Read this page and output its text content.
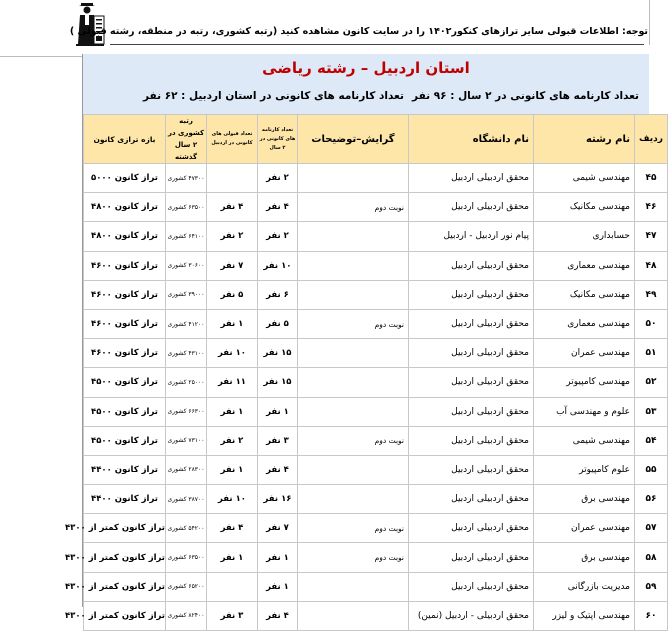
توجه: اطلاعات قبولی سایر ترازهای کنکور۱۴۰۲ را در سایت کانون مشاهده کنید (رتبه کشوری، رتبه در منطقه، رشته قبولی )
استان اردبیل – رشته ریاضی
تعداد کارنامه های کانونی در ۲ سال : ۹۶ نفر
تعداد کارنامه های کانونی در استان اردبیل : ۶۲ نفر
ردیف	نام رشته	نام دانشگاه	گرایش–توضیحات	تعداد کارنامه های کانونی در ۲ سال	تعداد قبولی های کانونی در اردبیل	رتبه کشوری در ۲ سال گذشته	بازه ترازی کانون
۴۵	مهندسی شیمی	محقق اردبیلی اردبیل		۲ نفر		۴۷۳۰۰ کشوری	تراز کانون ۵۰۰۰
۴۶	مهندسی مکانیک	محقق اردبیلی اردبیل	نوبت دوم	۴ نفر	۴ نفر	۶۳۵۰۰ کشوری	تراز کانون ۴۸۰۰
۴۷	حسابداری	پیام نور اردبیل - اردبیل		۲ نفر	۲ نفر	۶۴۱۰۰ کشوری	تراز کانون ۴۸۰۰
۴۸	مهندسی معماری	محقق اردبیلی اردبیل		۱۰ نفر	۷ نفر	۳۰۶۰۰ کشوری	تراز کانون ۴۶۰۰
۴۹	مهندسی مکانیک	محقق اردبیلی اردبیل		۶ نفر	۵ نفر	۳۹۰۰۰ کشوری	تراز کانون ۴۶۰۰
۵۰	مهندسی معماری	محقق اردبیلی اردبیل	نوبت دوم	۵ نفر	۱ نفر	۴۱۲۰۰ کشوری	تراز کانون ۴۶۰۰
۵۱	مهندسی عمران	محقق اردبیلی اردبیل		۱۵ نفر	۱۰ نفر	۴۳۱۰۰ کشوری	تراز کانون ۴۶۰۰
۵۲	مهندسی کامپیوتر	محقق اردبیلی اردبیل		۱۵ نفر	۱۱ نفر	۲۵۰۰۰ کشوری	تراز کانون ۴۵۰۰
۵۳	علوم و مهندسی آب	محقق اردبیلی اردبیل		۱ نفر	۱ نفر	۶۶۳۰۰ کشوری	تراز کانون ۴۵۰۰
۵۴	مهندسی شیمی	محقق اردبیلی اردبیل	نوبت دوم	۳ نفر	۲ نفر	۷۳۱۰۰ کشوری	تراز کانون ۴۵۰۰
۵۵	علوم کامپیوتر	محقق اردبیلی اردبیل		۴ نفر	۱ نفر	۲۸۳۰۰ کشوری	تراز کانون ۴۴۰۰
۵۶	مهندسی برق	محقق اردبیلی اردبیل		۱۶ نفر	۱۰ نفر	۳۸۷۰۰ کشوری	تراز کانون ۴۴۰۰
۵۷	مهندسی عمران	محقق اردبیلی اردبیل	نوبت دوم	۷ نفر	۴ نفر	۵۴۲۰۰ کشوری	تراز کانون کمتر از ۴۳۰۰
۵۸	مهندسی برق	محقق اردبیلی اردبیل	نوبت دوم	۱ نفر	۱ نفر	۶۳۵۰۰ کشوری	تراز کانون کمتر از ۴۳۰۰
۵۹	مدیریت بازرگانی	محقق اردبیلی اردبیل		۱ نفر		۶۵۲۰۰ کشوری	تراز کانون کمتر از ۴۳۰۰
۶۰	مهندسی اپتیک و لیزر	محقق اردبیلی - اردبیل (نمین)		۴ نفر	۳ نفر	۸۲۴۰۰ کشوری	تراز کانون کمتر از ۴۳۰۰
